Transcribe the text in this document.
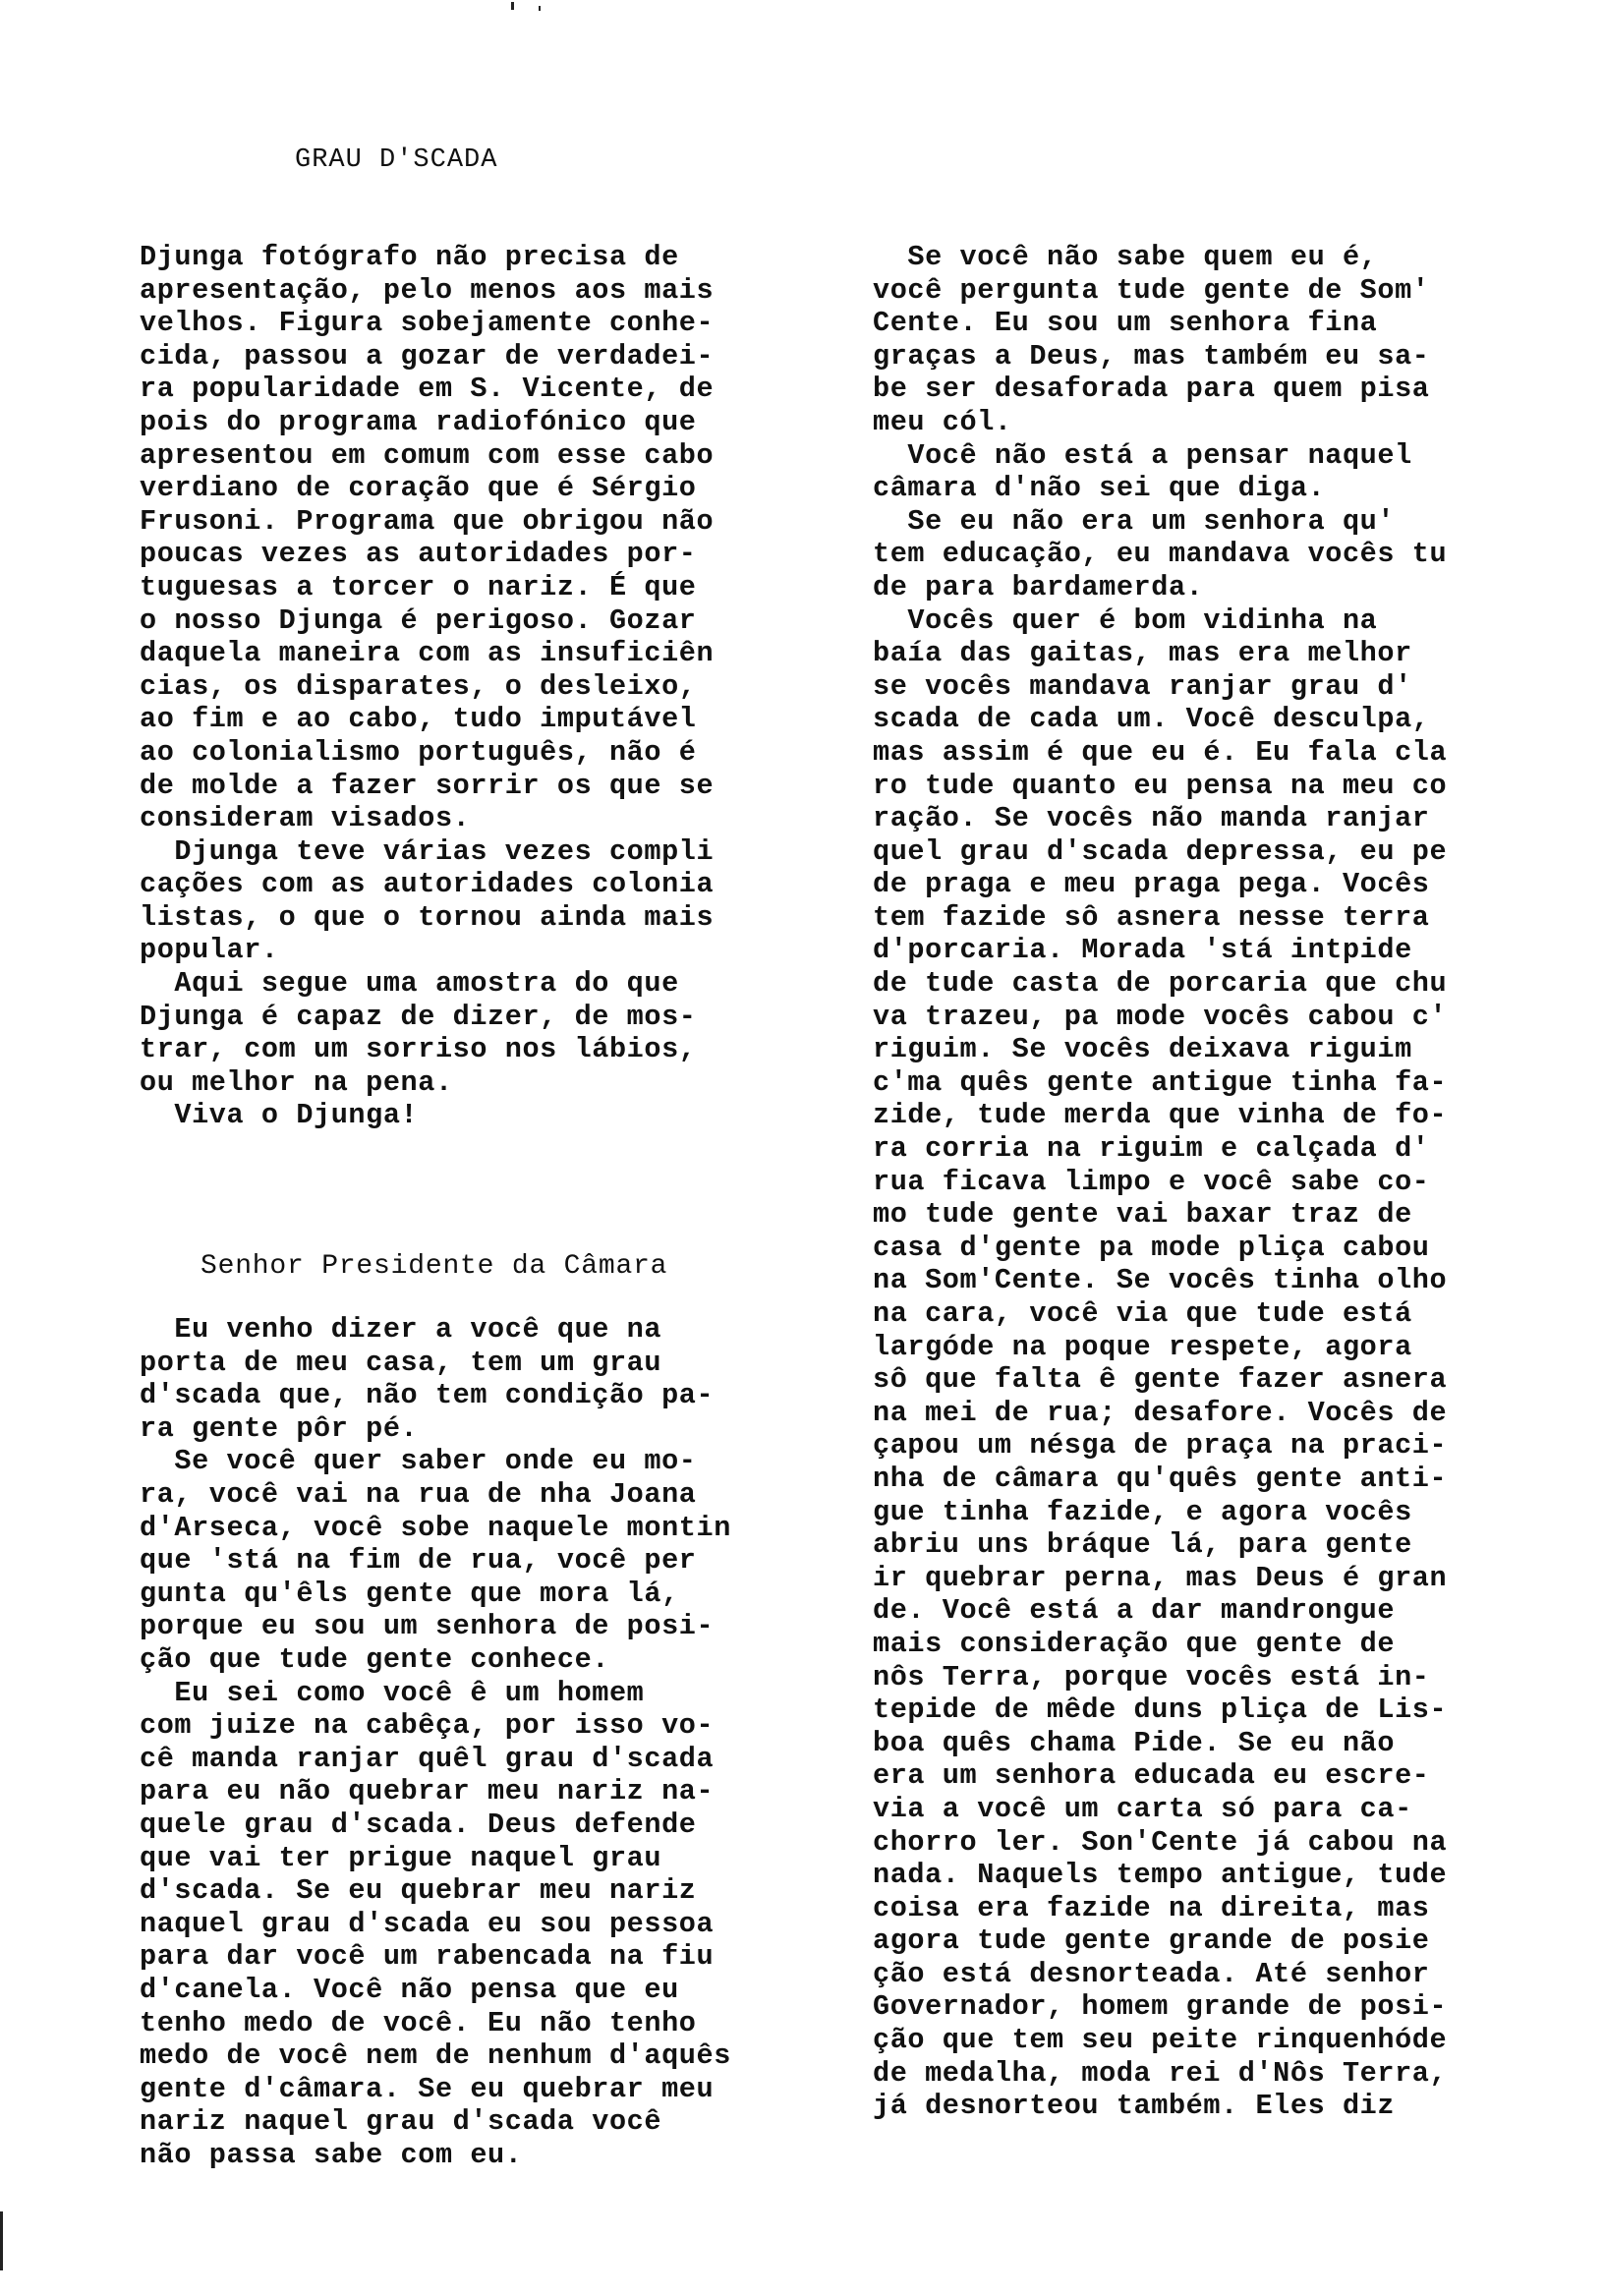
GRAU D'SCADA
Djunga fotógrafo não precisa de
apresentação, pelo menos aos mais
velhos. Figura sobejamente conhe-
cida, passou a gozar de verdadei-
ra popularidade em S. Vicente, de
pois do programa radiofónico que
apresentou em comum com esse cabo
verdiano de coração que é Sérgio
Frusoni. Programa que obrigou não
poucas vezes as autoridades por-
tuguesas a torcer o nariz. É que
o nosso Djunga é perigoso. Gozar
daquela maneira com as insuficiên
cias, os disparates, o desleixo,
ao fim e ao cabo, tudo imputável
ao colonialismo português, não é
de molde a fazer sorrir os que se
consideram visados.
Djunga teve várias vezes compli
cações com as autoridades colonia
listas, o que o tornou ainda mais
popular.
Aqui segue uma amostra do que
Djunga é capaz de dizer, de mos-
trar, com um sorriso nos lábios,
ou melhor na pena.
Viva o Djunga!
Senhor Presidente da Câmara
Eu venho dizer a você que na
porta de meu casa, tem um grau
d'scada que, não tem condição pa-
ra gente pôr pé.
Se você quer saber onde eu mo-
ra, você vai na rua de nha Joana
d'Arseca, você sobe naquele montin
que 'stá na fim de rua, você per
gunta qu'êls gente que mora lá,
porque eu sou um senhora de posi-
ção que tude gente conhece.
Eu sei como você ê um homem
com juize na cabêça, por isso vo-
cê manda ranjar quêl grau d'scada
para eu não quebrar meu nariz na-
quele grau d'scada. Deus defende
que vai ter prigue naquel grau
d'scada. Se eu quebrar meu nariz
naquel grau d'scada eu sou pessoa
para dar você um rabencada na fiu
d'canela. Você não pensa que eu
tenho medo de você. Eu não tenho
medo de você nem de nenhum d'aquês
gente d'câmara. Se eu quebrar meu
nariz naquel grau d'scada você
não passa sabe com eu.
Se você não sabe quem eu é,
você pergunta tude gente de Som'
Cente. Eu sou um senhora fina
graças a Deus, mas também eu sa-
be ser desaforada para quem pisa
meu cól.
Você não está a pensar naquel
câmara d'não sei que diga.
Se eu não era um senhora qu'
tem educação, eu mandava vocês tu
de para bardamerda.
Vocês quer é bom vidinha na
baía das gaitas, mas era melhor
se vocês mandava ranjar grau d'
scada de cada um. Você desculpa,
mas assim é que eu é. Eu fala cla
ro tude quanto eu pensa na meu co
ração. Se vocês não manda ranjar
quel grau d'scada depressa, eu pe
de praga e meu praga pega. Vocês
tem fazide sô asnera nesse terra
d'porcaria. Morada 'stá intpide
de tude casta de porcaria que chu
va trazeu, pa mode vocês cabou c'
riguim. Se vocês deixava riguim
c'ma quês gente antigue tinha fa-
zide, tude merda que vinha de fo-
ra corria na riguim e calçada d'
rua ficava limpo e você sabe co-
mo tude gente vai baxar traz de
casa d'gente pa mode pliça cabou
na Som'Cente. Se vocês tinha olho
na cara, você via que tude está
largóde na poque respete, agora
sô que falta ê gente fazer asnera
na mei de rua; desafore. Vocês de
çapou um nésga de praça na praci-
nha de câmara qu'quês gente anti-
gue tinha fazide, e agora vocês
abriu uns bráque lá, para gente
ir quebrar perna, mas Deus é gran
de. Você está a dar mandrongue
mais consideração que gente de
nôs Terra, porque vocês está in-
tepide de mêde duns pliça de Lis-
boa quês chama Pide. Se eu não
era um senhora educada eu escre-
via a você um carta só para ca-
chorro ler. Son'Cente já cabou na
nada. Naquels tempo antigue, tude
coisa era fazide na direita, mas
agora tude gente grande de posie
ção está desnorteada. Até senhor
Governador, homem grande de posi-
ção que tem seu peite rinquenhóde
de medalha, moda rei d'Nôs Terra,
já desnorteou também. Eles diz
